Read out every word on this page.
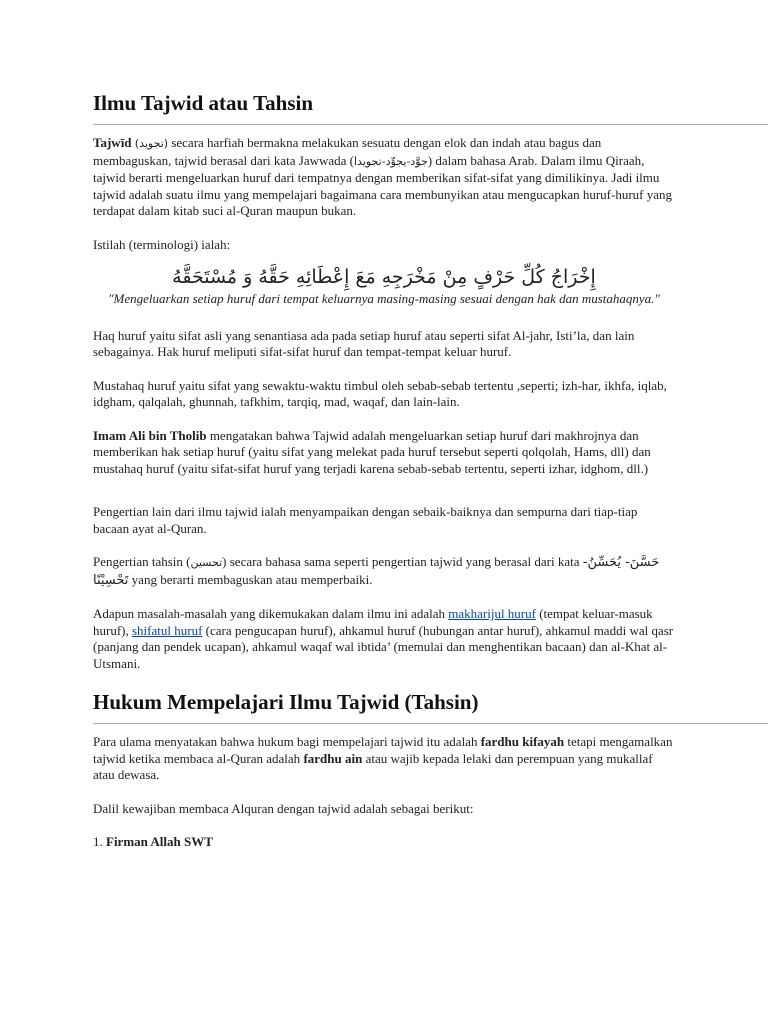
Ilmu Tajwid atau Tahsin

Tajwīd (تجويد) secara harfiah bermakna melakukan sesuatu dengan elok dan indah atau bagus dan membaguskan, tajwid berasal dari kata Jawwada (جوَّد-يجوِّد-تجويدا) dalam bahasa Arab. Dalam ilmu Qiraah, tajwid berarti mengeluarkan huruf dari tempatnya dengan memberikan sifat-sifat yang dimilikinya. Jadi ilmu tajwid adalah suatu ilmu yang mempelajari bagaimana cara membunyikan atau mengucapkan huruf-huruf yang terdapat dalam kitab suci al-Quran maupun bukan.

Istilah (terminologi) ialah:

إِخْرَاجُ كُلِّ حَرْفٍ مِنْ مَخْرَجِهِ مَعَ إِعْطَائِهِ حَقَّهُ وَ مُسْتَحَقَّهُ
"Mengeluarkan setiap huruf dari tempat keluarnya masing-masing sesuai dengan hak dan mustahaqnya."

Haq huruf yaitu sifat asli yang senantiasa ada pada setiap huruf atau seperti sifat Al-jahr, Isti’la, dan lain sebagainya. Hak huruf meliputi sifat-sifat huruf dan tempat-tempat keluar huruf.

Mustahaq huruf yaitu sifat yang sewaktu-waktu timbul oleh sebab-sebab tertentu ,seperti; izh-har, ikhfa, iqlab, idgham, qalqalah, ghunnah, tafkhim, tarqiq, mad, waqaf, dan lain-lain.

Imam Ali bin Tholib mengatakan bahwa Tajwid adalah mengeluarkan setiap huruf dari makhrojnya dan memberikan hak setiap huruf (yaitu sifat yang melekat pada huruf tersebut seperti qolqolah, Hams, dll) dan mustahaq huruf (yaitu sifat-sifat huruf yang terjadi karena sebab-sebab tertentu, seperti izhar, idghom, dll.)

Pengertian lain dari ilmu tajwid ialah menyampaikan dengan sebaik-baiknya dan sempurna dari tiap-tiap bacaan ayat al-Quran.

Pengertian tahsin (تحسين) secara bahasa sama seperti pengertian tajwid yang berasal dari kata حَسَّنَ- يُحَسِّنُ- تَحْسِيْنًا yang berarti membaguskan atau memperbaiki.

Adapun masalah-masalah yang dikemukakan dalam ilmu ini adalah makharijul huruf (tempat keluar-masuk huruf), shifatul huruf (cara pengucapan huruf), ahkamul huruf (hubungan antar huruf), ahkamul maddi wal qasr (panjang dan pendek ucapan), ahkamul waqaf wal ibtida’ (memulai dan menghentikan bacaan) dan al-Khat al-Utsmani.

Hukum Mempelajari Ilmu Tajwid (Tahsin)

Para ulama menyatakan bahwa hukum bagi mempelajari tajwid itu adalah fardhu kifayah tetapi mengamalkan tajwid ketika membaca al-Quran adalah fardhu ain atau wajib kepada lelaki dan perempuan yang mukallaf atau dewasa.

Dalil kewajiban membaca Alquran dengan tajwid adalah sebagai berikut:

1. Firman Allah SWT
